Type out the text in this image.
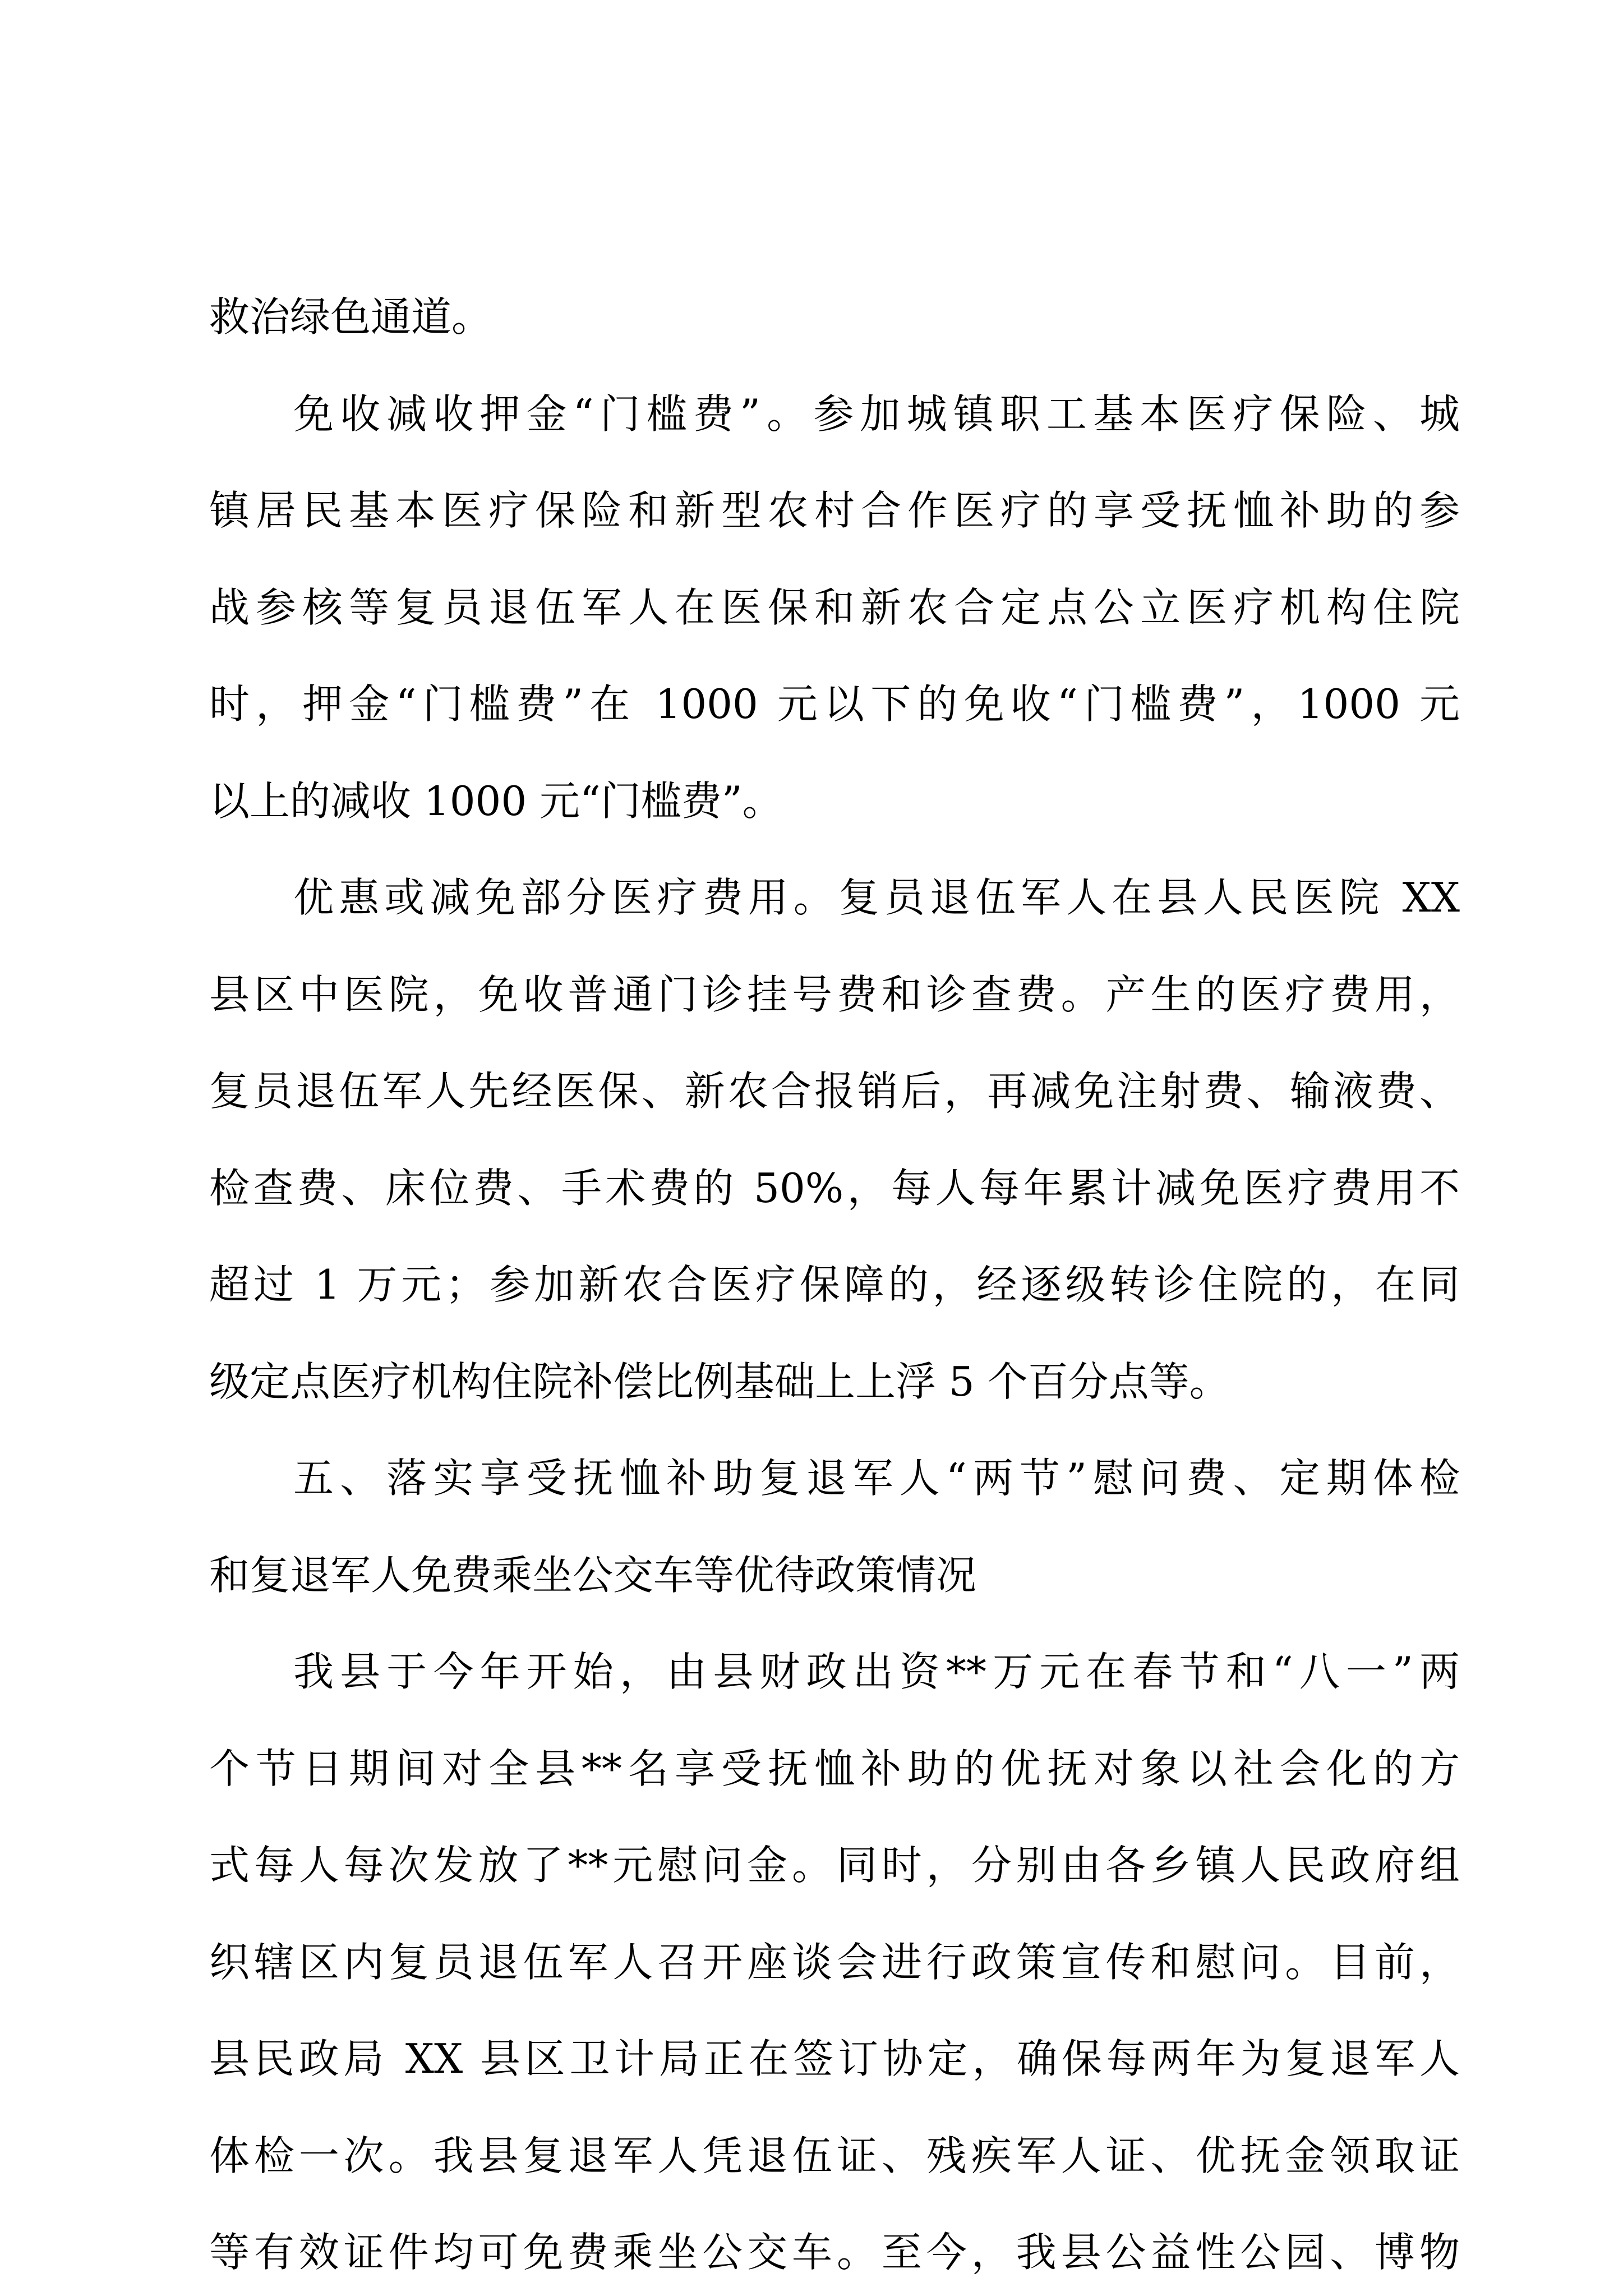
救治绿色通道。
免收减收押金“门槛费”。参加城镇职工基本医疗保险、城
镇居民基本医疗保险和新型农村合作医疗的享受抚恤补助的参
战参核等复员退伍军人在医保和新农合定点公立医疗机构住院
时，押金“门槛费”在 1000 元以下的免收“门槛费”，1000 元
以上的减收 1000 元“门槛费”。
优惠或减免部分医疗费用。复员退伍军人在县人民医院 XX
县区中医院，免收普通门诊挂号费和诊查费。产生的医疗费用，
复员退伍军人先经医保、新农合报销后，再减免注射费、输液费、
检查费、床位费、手术费的 50%，每人每年累计减免医疗费用不
超过 1 万元；参加新农合医疗保障的，经逐级转诊住院的，在同
级定点医疗机构住院补偿比例基础上上浮 5 个百分点等。
五、落实享受抚恤补助复退军人“两节”慰问费、定期体检
和复退军人免费乘坐公交车等优待政策情况
我县于今年开始，由县财政出资**万元在春节和“八一”两
个节日期间对全县**名享受抚恤补助的优抚对象以社会化的方
式每人每次发放了**元慰问金。同时，分别由各乡镇人民政府组
织辖区内复员退伍军人召开座谈会进行政策宣传和慰问。目前，
县民政局 XX 县区卫计局正在签订协定，确保每两年为复退军人
体检一次。我县复退军人凭退伍证、残疾军人证、优抚金领取证
等有效证件均可免费乘坐公交车。至今，我县公益性公园、博物
